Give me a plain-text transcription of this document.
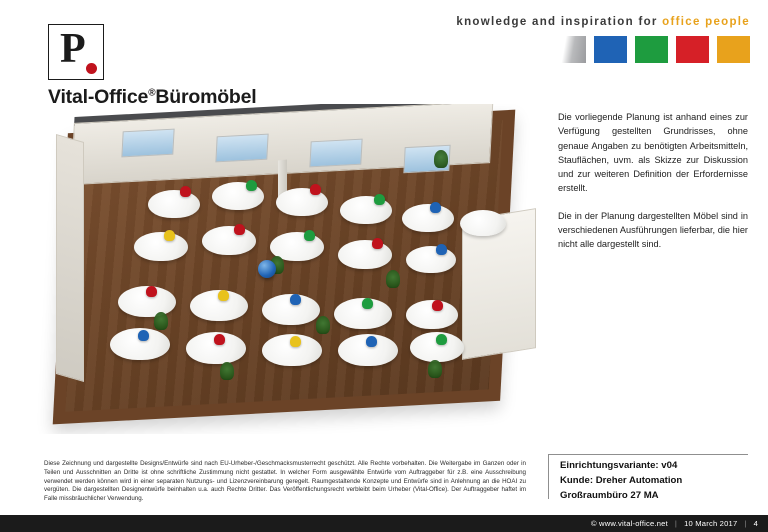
knowledge and inspiration for office people
P
Vital-Office®Büromöbel

Die vorliegende Planung ist anhand eines zur Verfügung gestellten Grundrisses, ohne genaue Angaben zu benötigten Arbeitsmitteln, Stauflächen, uvm. als Skizze zur Diskussion und zur weiteren Definition der Erfordernisse erstellt.

Die in der Planung dargestellten Möbel sind in verschiedenen Ausführungen lieferbar, die hier nicht alle dargestellt sind.

Einrichtungsvariante: v04
Kunde: Dreher Automation
Großraumbüro 27 MA
Diese Zeichnung und dargestellte Designs/Entwürfe sind nach EU-Urheber-/Geschmacksmusterrecht geschützt. Alle Rechte vorbehalten. Die Weitergabe im Ganzen oder in Teilen und Ausschnitten an Dritte ist ohne schriftliche Zustimmung nicht gestattet. In welcher Form ausgewählte Entwürfe vom Auftraggeber für z.B. eine Ausschreibung verwendet werden können wird in einer separaten Nutzungs- und Lizenzvereinbarung geregelt. Raumgestaltende Konzepte und Entwürfe sind in Anlehnung an die HOAI zu vergüten. Die dargestellten Designentwürfe beinhalten u.a. auch Rechte Dritter. Das Veröffentlichungsrecht verbleibt beim Urheber (Vital-Office). Der Auftraggeber haftet im Falle missbräuchlicher Verwendung.
© www.vital-office.net | 10 March 2017 | 4
